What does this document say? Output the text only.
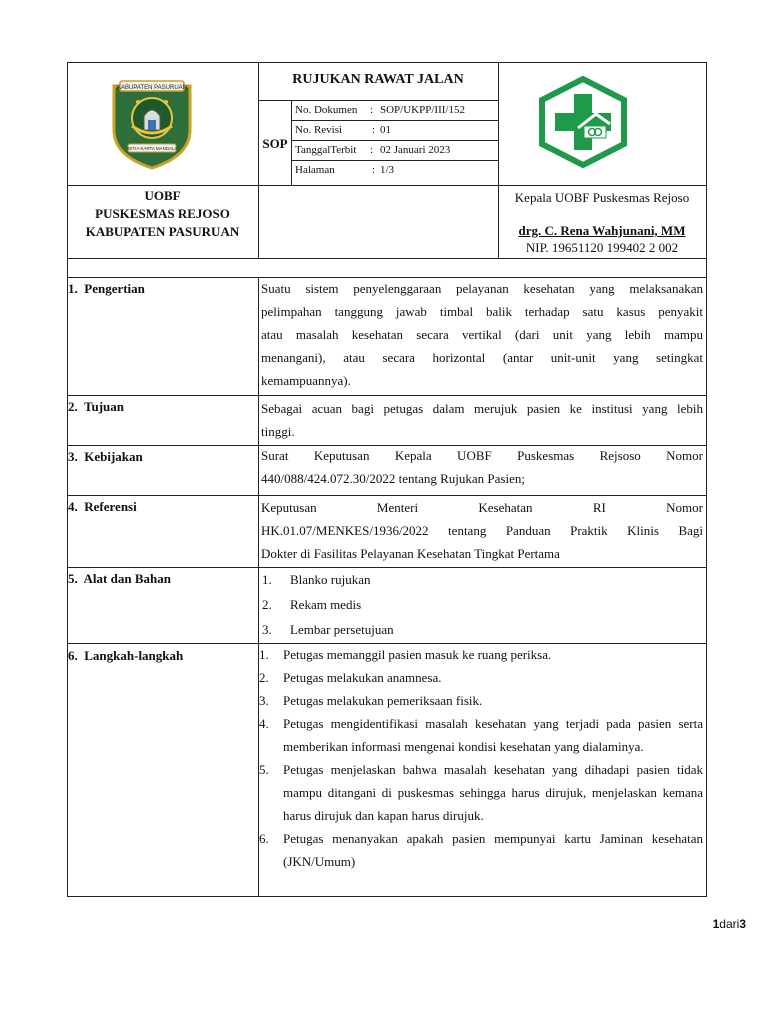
KABUPATEN PASURUAN
SETIA KARTA MANDALA
RUJUKAN RAWAT JALAN
SOP
No. Dokumen : SOP/UKPP/III/152
No. Revisi	: 01
TanggalTerbit : 02 Januari 2023
Halaman	: 1/3
UOBF
PUSKESMAS REJOSO
KABUPATEN PASURUAN
Kepala UOBF Puskesmas Rejoso
drg. C. Rena Wahjunani, MM
NIP. 19651120 199402 2 002
1.  Pengertian
2.  Tujuan
3.  Kebijakan
4.  Referensi
5.  Alat dan Bahan
6.  Langkah-langkah
Suatu sistem penyelenggaraan pelayanan kesehatan yang melaksanakan
pelimpahan tanggung jawab timbal balik terhadap satu kasus penyakit
atau masalah kesehatan secara vertikal (dari unit yang lebih mampu
menangani), atau secara horizontal (antar unit-unit yang setingkat
kemampuannya).
Sebagai acuan bagi petugas dalam merujuk pasien ke institusi yang lebih
tinggi.
Surat Keputusan Kepala UOBF Puskesmas Rejsoso Nomor
440/088/424.072.30/2022 tentang Rujukan Pasien;
Keputusan Menteri Kesehatan RI Nomor
HK.01.07/MENKES/1936/2022 tentang Panduan Praktik Klinis Bagi
Dokter di Fasilitas Pelayanan Kesehatan Tingkat Pertama
1. Blanko rujukan
2. Rekam medis
3. Lembar persetujuan
1. Petugas memanggil pasien masuk ke ruang periksa.
2. Petugas melakukan anamnesa.
3. Petugas melakukan pemeriksaan fisik.
4. Petugas mengidentifikasi masalah kesehatan yang terjadi pada pasien serta memberikan informasi mengenai kondisi kesehatan yang dialaminya.
5. Petugas menjelaskan bahwa masalah kesehatan yang dihadapi pasien tidak mampu ditangani di puskesmas sehingga harus dirujuk, menjelaskan kemana harus dirujuk dan kapan harus dirujuk.
6. Petugas menanyakan apakah pasien mempunyai kartu Jaminan kesehatan (JKN/Umum)
1dari3
